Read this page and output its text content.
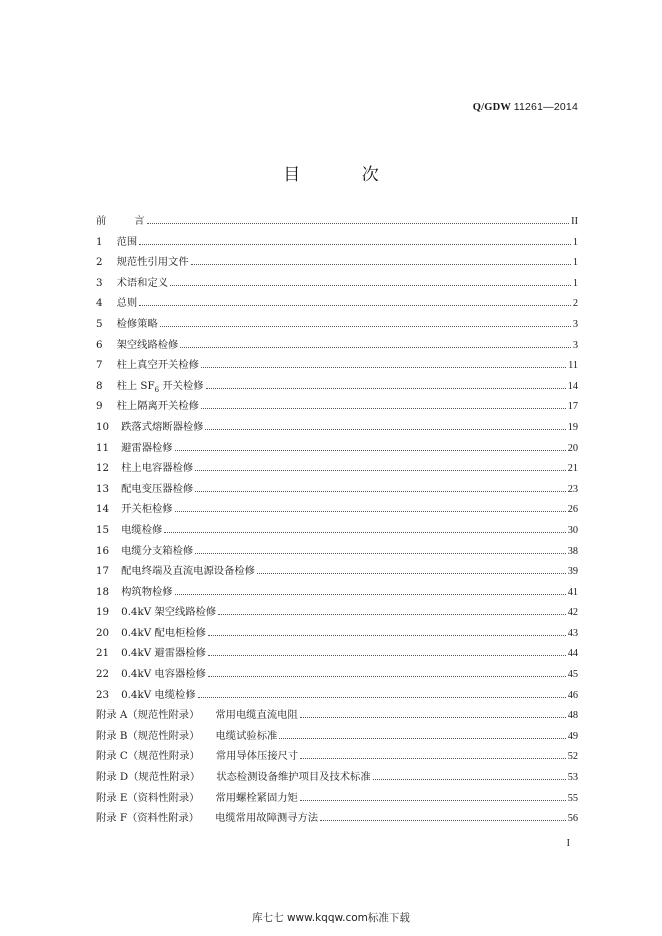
Q/GDW 11261—2014
目 次
前	言	II
1 范围	1
2 规范性引用文件	1
3 术语和定义	1
4 总则	2
5 检修策略	3
6 架空线路检修	3
7 柱上真空开关检修	11
8 柱上 $SF_6$ 开关检修	14
9 柱上隔离开关检修	17
10 跌落式熔断器检修	19
11 避雷器检修	20
12 柱上电容器检修	21
13 配电变压器检修	23
14 开关柜检修	26
15 电缆检修	30
16 电缆分支箱检修	38
17 配电终端及直流电源设备检修	39
18 构筑物检修	41
19 0.4kV 架空线路检修	42
20 0.4kV 配电柜检修	43
21 0.4kV 避雷器检修	44
22 0.4kV 电容器检修	45
23 0.4kV 电缆检修	46
附录 A（规范性附录） 常用电缆直流电阻	48
附录 B（规范性附录） 电缆试验标准	49
附录 C（规范性附录） 常用导体压接尺寸	52
附录 D（规范性附录） 状态检测设备维护项目及技术标准	53
附录 E（资料性附录） 常用螺栓紧固力矩	55
附录 F（资料性附录） 电缆常用故障测寻方法	56
I
库七七 www.kqqw.com标准下载
